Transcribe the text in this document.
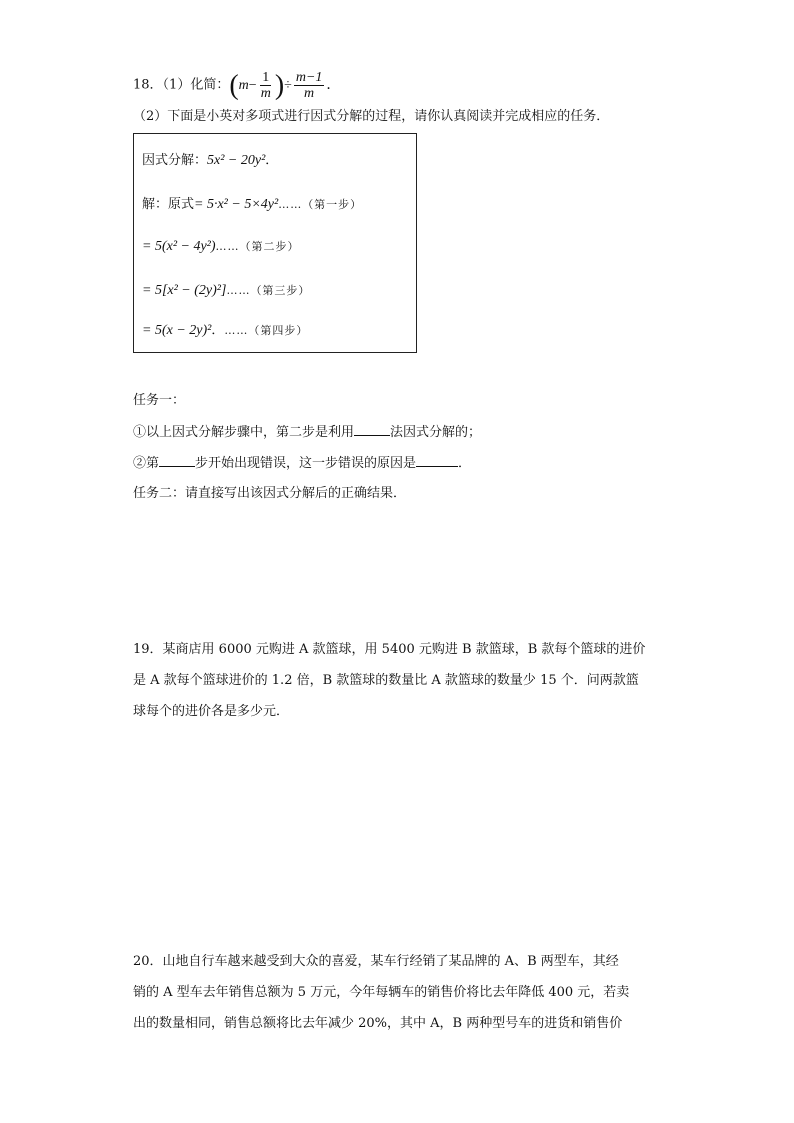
18．（1）化简：($m- \frac{1}{m}$ )÷ $\frac{m-1}{m}$ ．
（2）下面是小英对多项式进行因式分解的过程，请你认真阅读并完成相应的任务．
因式分解：5x² − 20y²．
解：原式= 5·x² − 5×4y²……（第一步）
= 5(x² − 4y²)……（第二步）
= 5[x² − (2y)²]……（第三步）
= 5(x − 2y)²．……（第四步）
任务一：
①以上因式分解步骤中，第二步是利用	法因式分解的；
②第	步开始出现错误，这一步错误的原因是	．
任务二：请直接写出该因式分解后的正确结果．
19．某商店用 6000 元购进 A 款篮球，用 5400 元购进 B 款篮球，B 款每个篮球的进价
是 A 款每个篮球进价的 1.2 倍，B 款篮球的数量比 A 款篮球的数量少 15 个．问两款篮
球每个的进价各是多少元．
20．山地自行车越来越受到大众的喜爱，某车行经销了某品牌的 A、B 两型车，其经
销的 A 型车去年销售总额为 5 万元，今年每辆车的销售价将比去年降低 400 元，若卖
出的数量相同，销售总额将比去年减少 20%，其中 A，B 两种型号车的进货和销售价
